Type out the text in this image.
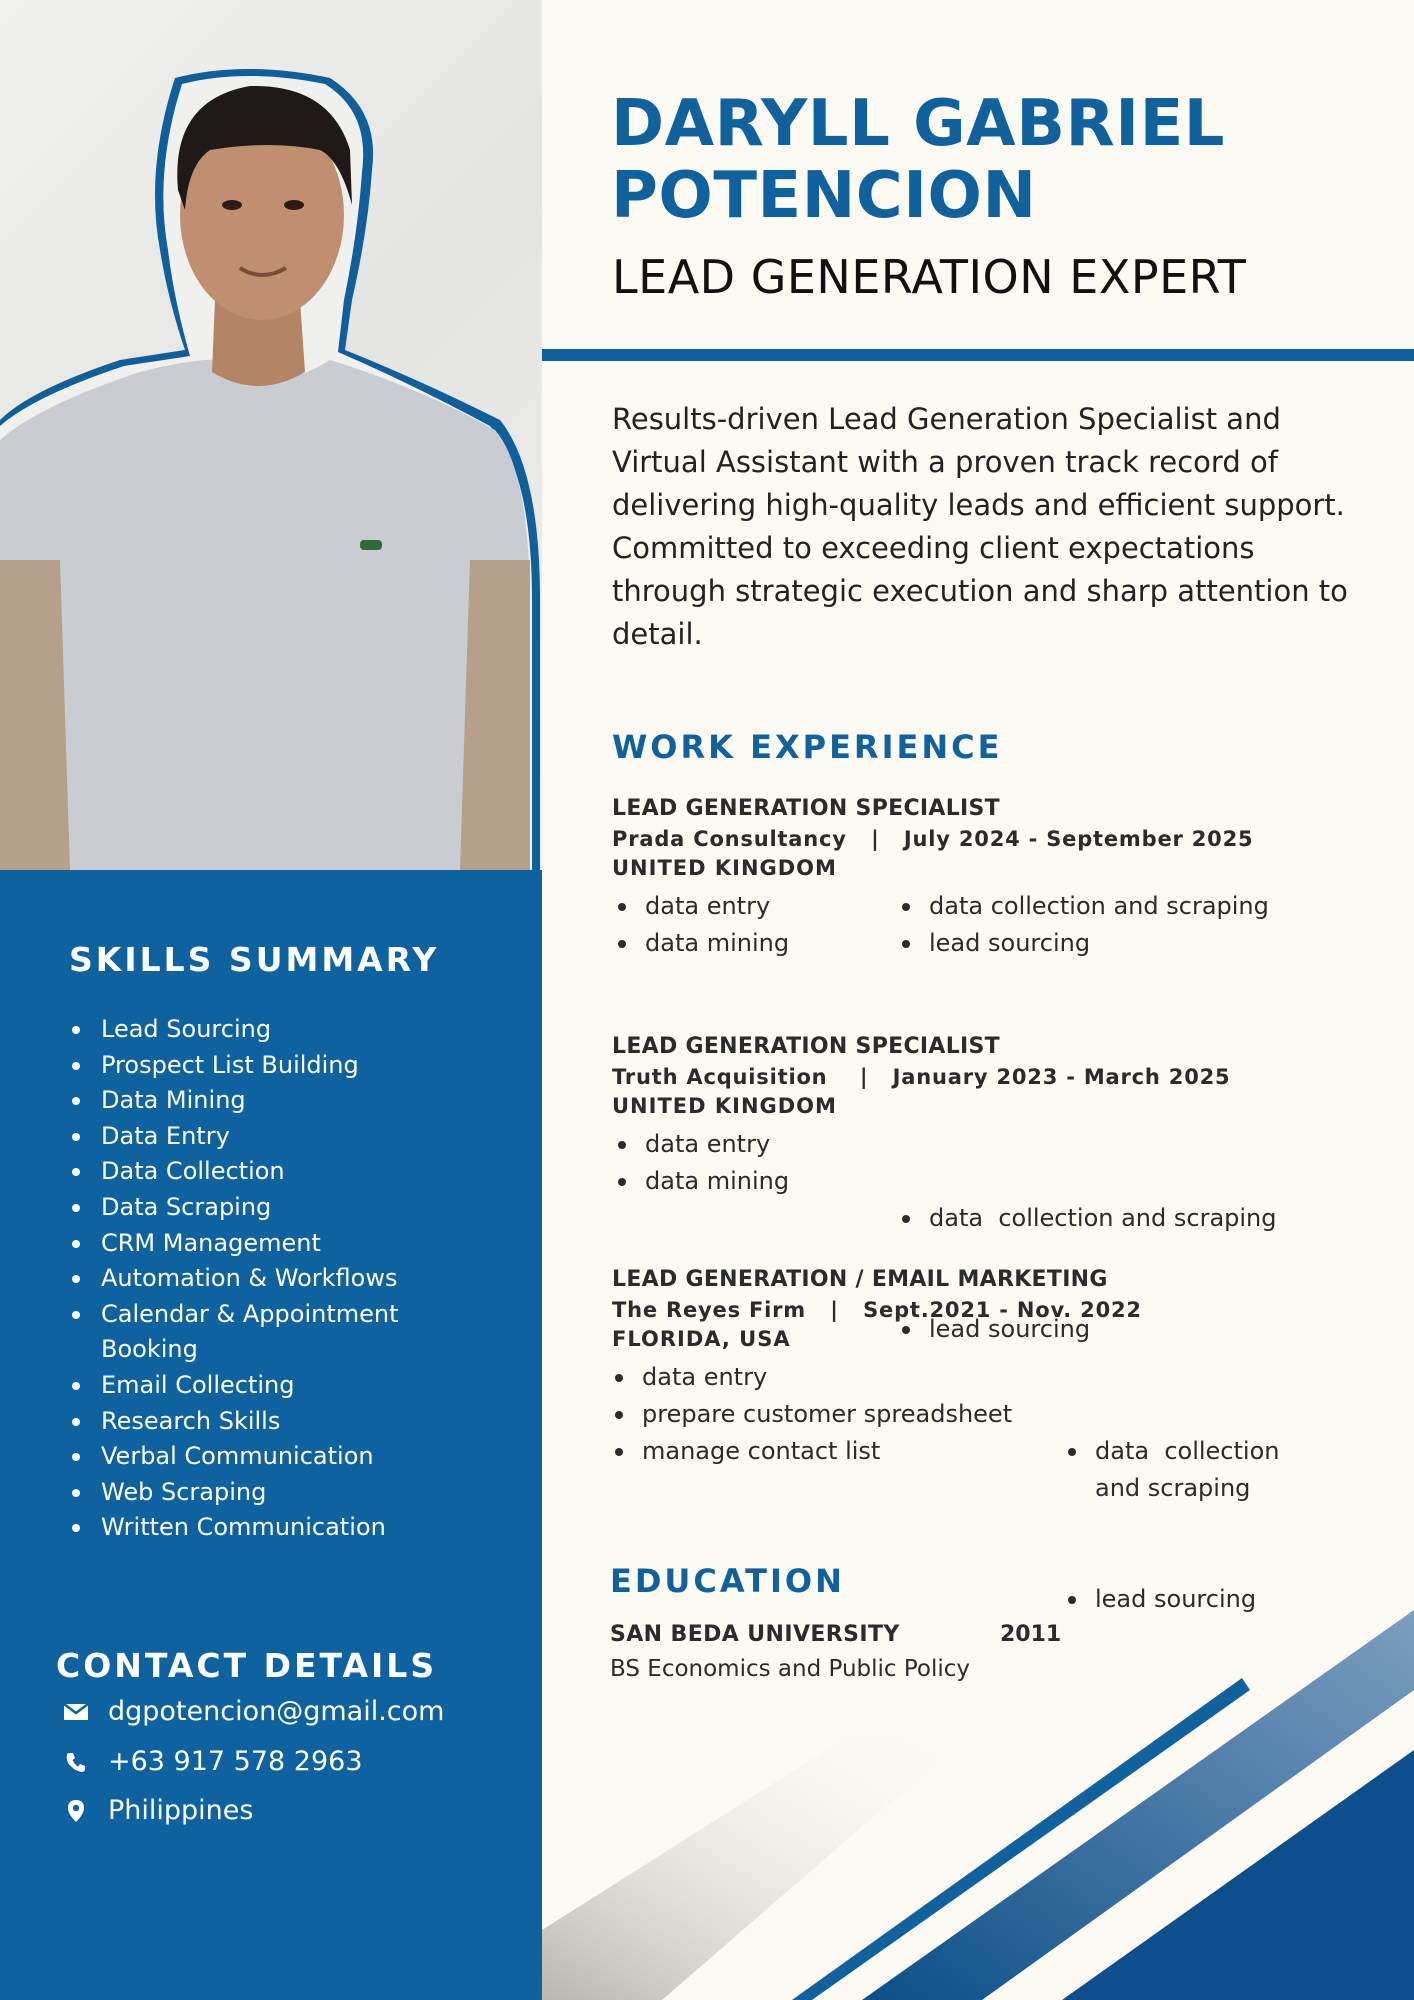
SKILLS SUMMARY
Lead Sourcing
Prospect List Building
Data Mining
Data Entry
Data Collection
Data Scraping
CRM Management
Automation & Workflows
Calendar & Appointment Booking
Email Collecting
Research Skills
Verbal Communication
Web Scraping
Written Communication
CONTACT DETAILS
dgpotencion@gmail.com
+63 917 578 2963
Philippines
DARYLL GABRIEL
POTENCION
LEAD GENERATION EXPERT
Results-driven Lead Generation Specialist and Virtual Assistant with a proven track record of delivering high-quality leads and efficient support. Committed to exceeding client expectations through strategic execution and sharp attention to detail.
WORK EXPERIENCE
LEAD GENERATION SPECIALIST
Prada Consultancy   |   July 2024 - September 2025
UNITED KINGDOM
data entry
data mining
data collection and scraping
lead sourcing
LEAD GENERATION SPECIALIST
Truth Acquisition    |   January 2023 - March 2025
UNITED KINGDOM
data entry
data mining

data  collection and scraping

lead sourcing

LEAD GENERATION / EMAIL MARKETING
The Reyes Firm   |   Sept.2021 - Nov. 2022
FLORIDA, USA
data entry
prepare customer spreadsheet
manage contact list

	data  collection and scraping

lead sourcing

EDUCATION
SAN BEDA UNIVERSITY	2011
BS Economics and Public Policy
